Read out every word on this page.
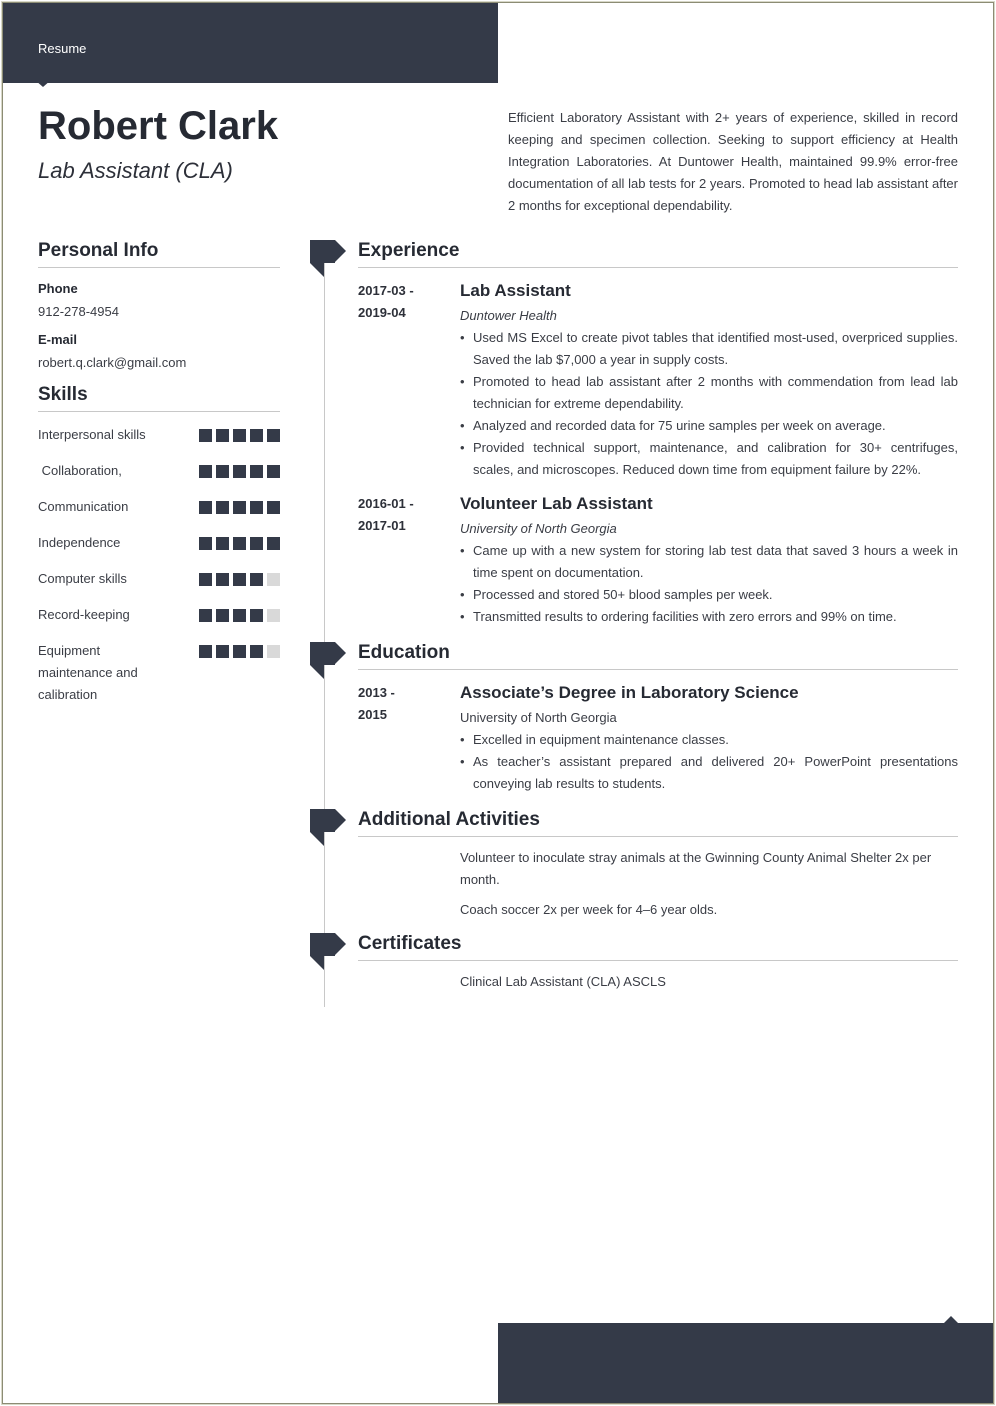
Resume
Robert Clark
Lab Assistant (CLA)

Efficient Laboratory Assistant with 2+ years of experience, skilled in record keeping and specimen collection. Seeking to support efficiency at Health Integration Laboratories. At Duntower Health, maintained 99.9% error-free documentation of all lab tests for 2 years. Promoted to head lab assistant after 2 months for exceptional dependability.

Personal Info
Phone
912-278-4954
E-mail
robert.q.clark@gmail.com
Skills
Interpersonal skills
Collaboration,
Communication
Independence
Computer skills
Record-keeping
Equipment maintenance and calibration
Experience
2017-03 -
2019-04
Lab Assistant
Duntower Health
• Used MS Excel to create pivot tables that identified most-used, overpriced supplies. Saved the lab $7,000 a year in supply costs.
• Promoted to head lab assistant after 2 months with commendation from lead lab technician for extreme dependability.
• Analyzed and recorded data for 75 urine samples per week on average.
• Provided technical support, maintenance, and calibration for 30+ centrifuges, scales, and microscopes. Reduced down time from equipment failure by 22%.
2016-01 -
2017-01
Volunteer Lab Assistant
University of North Georgia
• Came up with a new system for storing lab test data that saved 3 hours a week in time spent on documentation.
• Processed and stored 50+ blood samples per week.
• Transmitted results to ordering facilities with zero errors and 99% on time.
Education
2013 -
2015
Associate’s Degree in Laboratory Science
University of North Georgia
• Excelled in equipment maintenance classes.
• As teacher’s assistant prepared and delivered 20+ PowerPoint presentations conveying lab results to students.
Additional Activities
Volunteer to inoculate stray animals at the Gwinning County Animal Shelter 2x per month.
Coach soccer 2x per week for 4–6 year olds.
Certificates
Clinical Lab Assistant (CLA) ASCLS
